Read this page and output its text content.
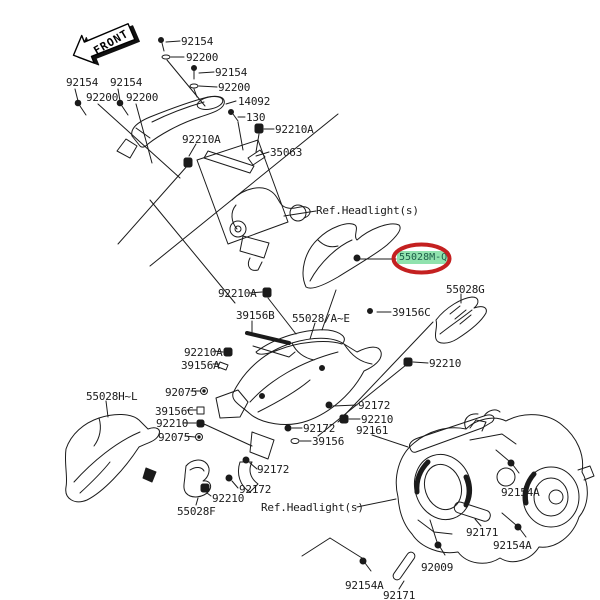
FRONT
92154 92154
92200 92200
92154
92200
92154
92200
14092
130
92210A
35063
92210A
Ref.Headlight(s)
92210A
39156B 55028/A~E
55028G
39156C
92210
92210A
39156A
92075
55028H~L
39156C
92210
92075
92172
92210
92161
92172
39156
92172
92172
92210
55028F	Ref.Headlight(s)
92154A
92171
92154A
92009
92154A
92171
55028M-Q
